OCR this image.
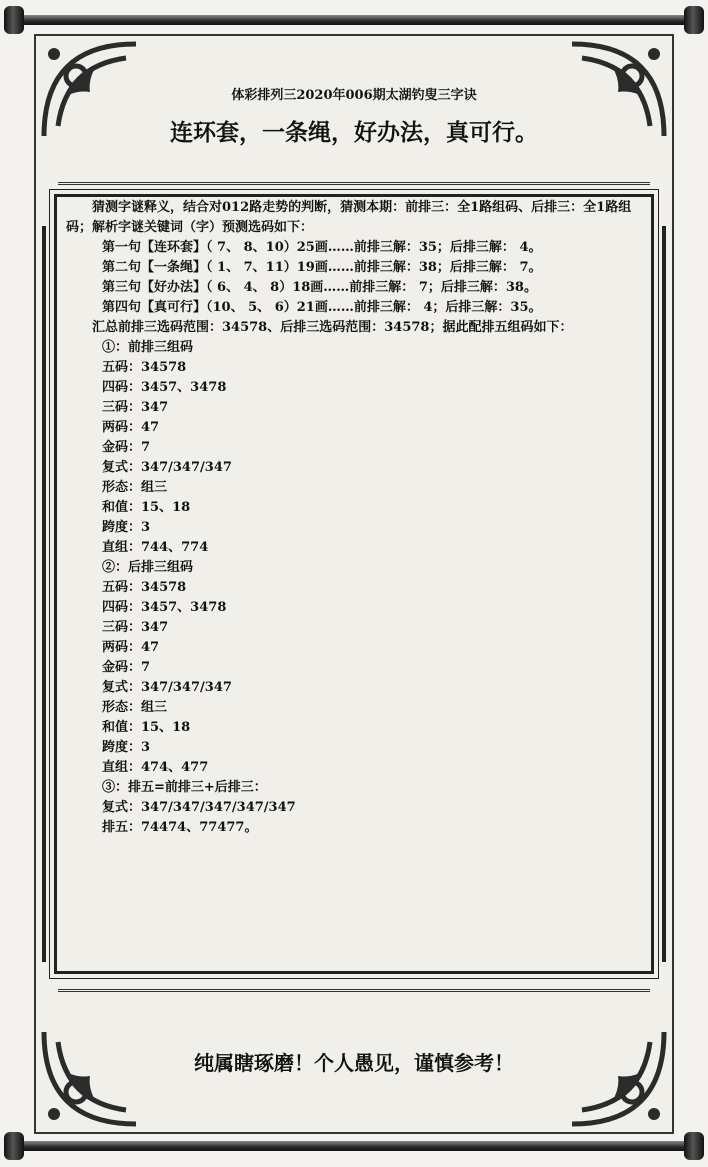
体彩排列三2020年006期太湖钓叟三字诀
连环套，一条绳，好办法，真可行。

猜测字谜释义，结合对012路走势的判断，猜测本期：前排三：全1路组码、后排三：全1路组码；解析字谜关键词（字）预测选码如下：

第一句【连环套】（ 7、 8、10）25画……前排三解：35；后排三解： 4。

第二句【一条绳】（ 1、 7、11）19画……前排三解：38；后排三解： 7。

第三句【好办法】（ 6、 4、 8）18画……前排三解： 7；后排三解：38。

第四句【真可行】（10、 5、 6）21画……前排三解： 4；后排三解：35。

汇总前排三选码范围：34578、后排三选码范围：34578；据此配排五组码如下：

①：前排三组码

五码：34578

四码：3457、3478

三码：347

两码：47

金码：7

复式：347/347/347

形态：组三

和值：15、18

跨度：3

直组：744、774

②：后排三组码

五码：34578

四码：3457、3478

三码：347

两码：47

金码：7

复式：347/347/347

形态：组三

和值：15、18

跨度：3

直组：474、477

③：排五=前排三+后排三：

复式：347/347/347/347/347

排五：74474、77477。

纯属瞎琢磨！个人愚见，谨慎参考！
